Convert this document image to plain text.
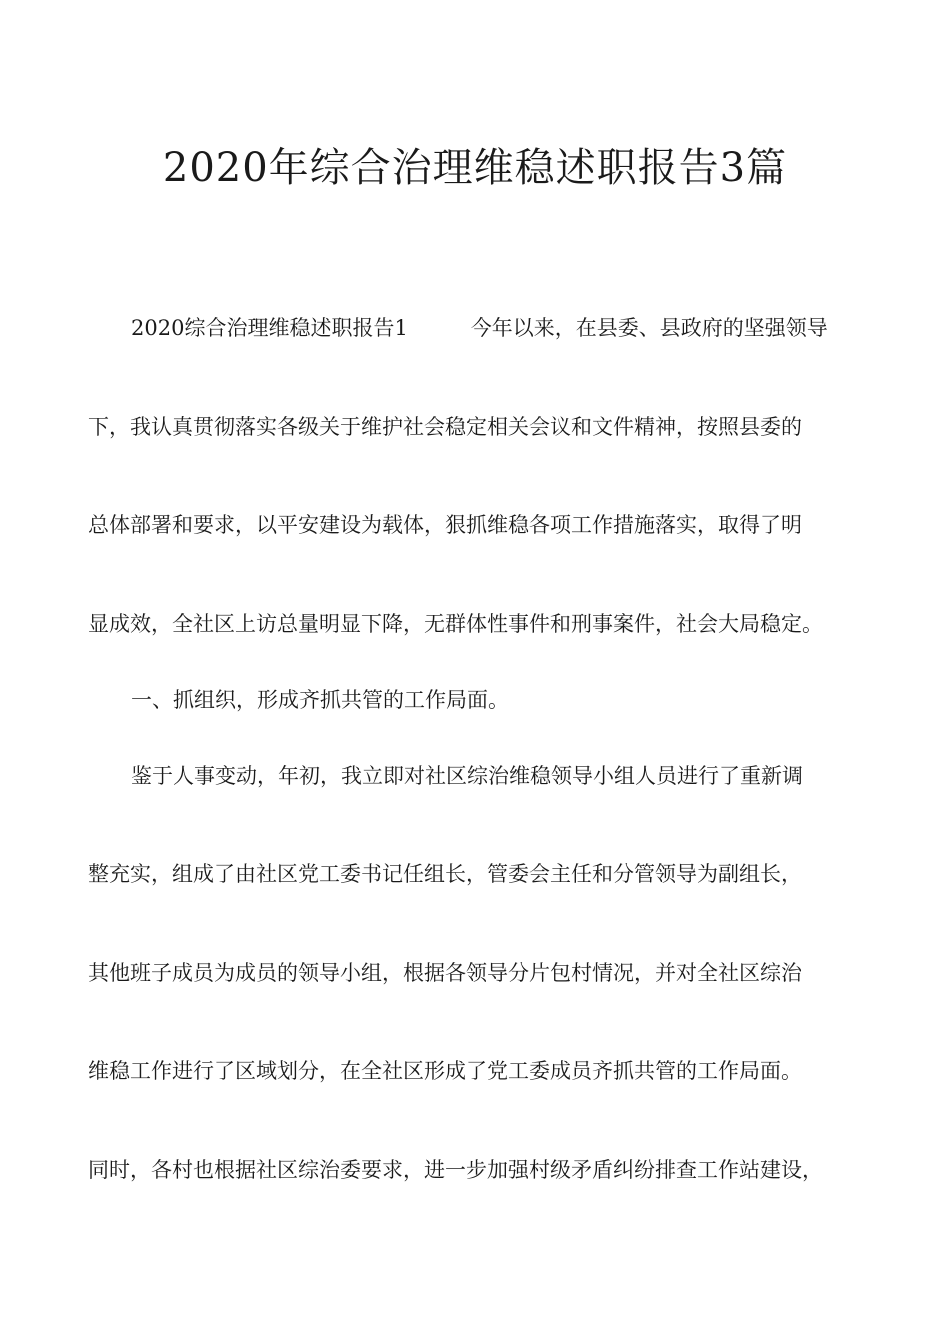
2020年综合治理维稳述职报告3篇

2020综合治理维稳述职报告1　　　今年以来，在县委、县政府的坚强领导

下，我认真贯彻落实各级关于维护社会稳定相关会议和文件精神，按照县委的

总体部署和要求，以平安建设为载体，狠抓维稳各项工作措施落实，取得了明

显成效，全社区上访总量明显下降，无群体性事件和刑事案件，社会大局稳定。

一、抓组织，形成齐抓共管的工作局面。

鉴于人事变动，年初，我立即对社区综治维稳领导小组人员进行了重新调

整充实，组成了由社区党工委书记任组长，管委会主任和分管领导为副组长，

其他班子成员为成员的领导小组，根据各领导分片包村情况，并对全社区综治

维稳工作进行了区域划分，在全社区形成了党工委成员齐抓共管的工作局面。

同时，各村也根据社区综治委要求，进一步加强村级矛盾纠纷排查工作站建设，
